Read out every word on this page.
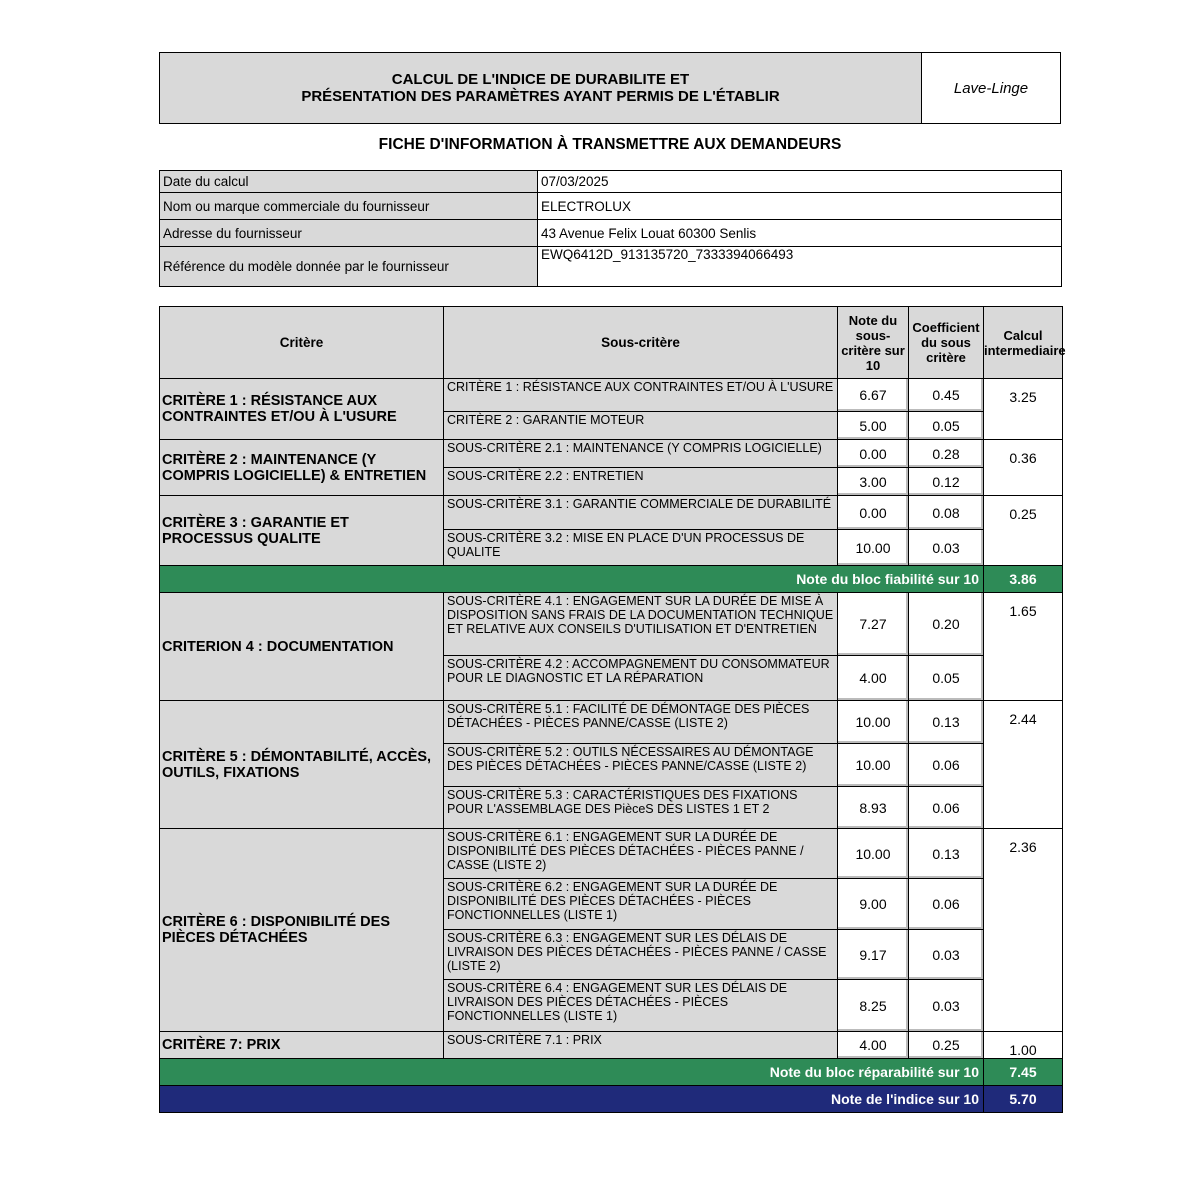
CALCUL DE L'INDICE DE DURABILITE ET
PRÉSENTATION DES PARAMÈTRES AYANT PERMIS DE L'ÉTABLIR	Lave-Linge
FICHE D'INFORMATION À TRANSMETTRE AUX DEMANDEURS
Date du calcul	07/03/2025
Nom ou marque commerciale du fournisseur	ELECTROLUX
Adresse du fournisseur	43 Avenue Felix Louat 60300 Senlis
Référence du modèle donnée par le fournisseur	EWQ6412D_913135720_7333394066493
Critère	Sous-critère	Note du sous-critère sur 10	Coefficient du sous critère	Calcul intermediaire
CRITÈRE 1 : RÉSISTANCE AUX CONTRAINTES ET/OU À L'USURE	CRITÈRE 1 : RÉSISTANCE AUX CONTRAINTES ET/OU À L'USURE	6.67	0.45	3.25
	CRITÈRE 2 : GARANTIE MOTEUR	5.00	0.05	
CRITÈRE 2 : MAINTENANCE (Y COMPRIS LOGICIELLE) & ENTRETIEN	SOUS-CRITÈRE 2.1 : MAINTENANCE (Y COMPRIS LOGICIELLE)	0.00	0.28	0.36
	SOUS-CRITÈRE 2.2 : ENTRETIEN	3.00	0.12	
CRITÈRE 3 : GARANTIE ET PROCESSUS QUALITE	SOUS-CRITÈRE 3.1 : GARANTIE COMMERCIALE DE DURABILITÉ	0.00	0.08	0.25
	SOUS-CRITÈRE 3.2 : MISE EN PLACE D'UN PROCESSUS DE QUALITE	10.00	0.03	
Note du bloc fiabilité sur 10				3.86
CRITERION 4 : DOCUMENTATION	SOUS-CRITÈRE 4.1 : ENGAGEMENT SUR LA DURÉE DE MISE À DISPOSITION SANS FRAIS DE LA DOCUMENTATION TECHNIQUE ET RELATIVE AUX CONSEILS D'UTILISATION ET D'ENTRETIEN	7.27	0.20	1.65
	SOUS-CRITÈRE 4.2 : ACCOMPAGNEMENT DU CONSOMMATEUR POUR LE DIAGNOSTIC ET LA RÉPARATION	4.00	0.05	
CRITÈRE 5 : DÉMONTABILITÉ, ACCÈS, OUTILS, FIXATIONS	SOUS-CRITÈRE 5.1 : FACILITÉ DE DÉMONTAGE DES PIÈCES DÉTACHÉES - PIÈCES PANNE/CASSE (LISTE 2)	10.00	0.13	2.44
	SOUS-CRITÈRE 5.2 : OUTILS NÉCESSAIRES AU DÉMONTAGE DES PIÈCES DÉTACHÉES - PIÈCES PANNE/CASSE (LISTE 2)	10.00	0.06	
	SOUS-CRITÈRE 5.3 : CARACTÉRISTIQUES DES FIXATIONS POUR L'ASSEMBLAGE DES PièceS DES LISTES 1 ET 2	8.93	0.06	
CRITÈRE 6 : DISPONIBILITÉ DES PIÈCES DÉTACHÉES	SOUS-CRITÈRE 6.1 : ENGAGEMENT SUR LA DURÉE DE DISPONIBILITÉ DES PIÈCES DÉTACHÉES - PIÈCES PANNE / CASSE (LISTE 2)	10.00	0.13	2.36
	SOUS-CRITÈRE 6.2 : ENGAGEMENT SUR LA DURÉE DE DISPONIBILITÉ DES PIÈCES DÉTACHÉES - PIÈCES FONCTIONNELLES (LISTE 1)	9.00	0.06	
	SOUS-CRITÈRE 6.3 : ENGAGEMENT SUR LES DÉLAIS DE LIVRAISON DES PIÈCES DÉTACHÉES - PIÈCES PANNE / CASSE (LISTE 2)	9.17	0.03	
	SOUS-CRITÈRE 6.4 : ENGAGEMENT SUR LES DÉLAIS DE LIVRAISON DES PIÈCES DÉTACHÉES - PIÈCES FONCTIONNELLES (LISTE 1)	8.25	0.03	
CRITÈRE 7: PRIX	SOUS-CRITÈRE 7.1 : PRIX	4.00	0.25	1.00
Note du bloc réparabilité sur 10				7.45
Note de l'indice sur 10				5.70
